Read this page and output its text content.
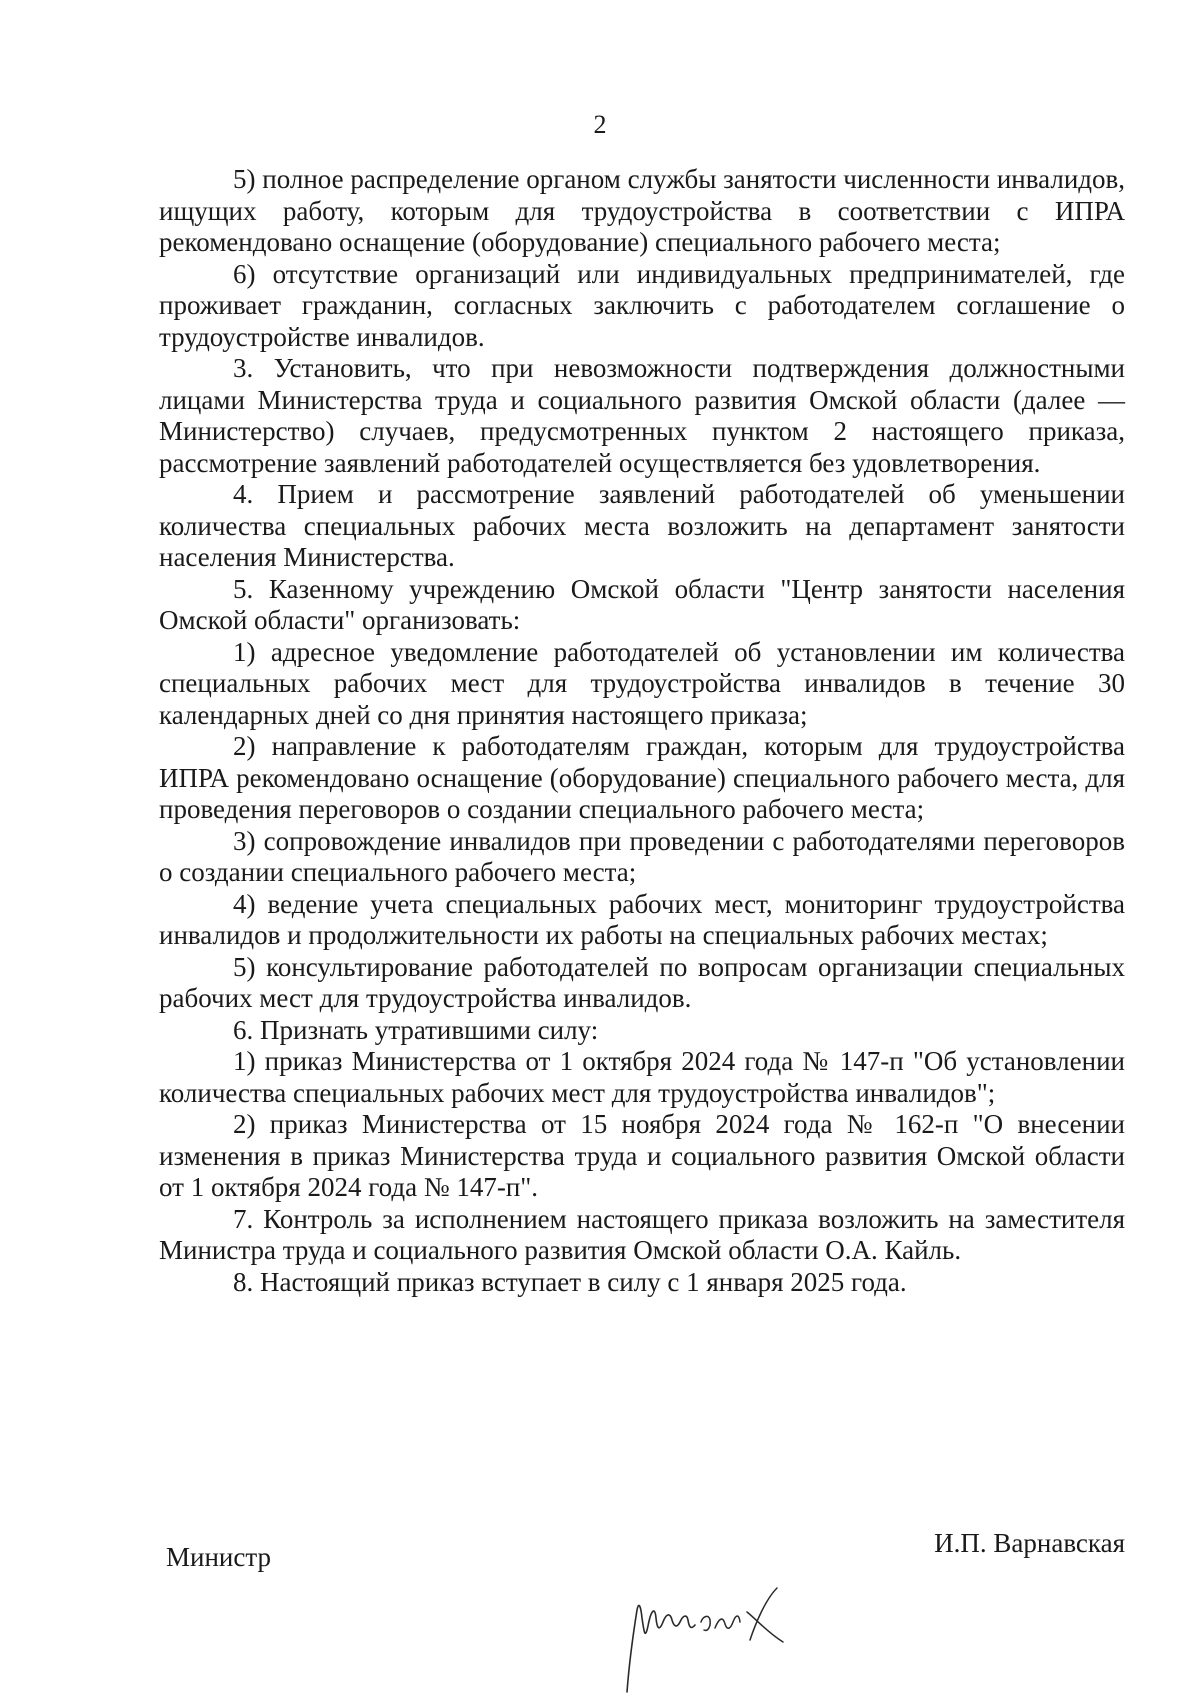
2

5) полное распределение органом службы занятости численности инвалидов, ищущих работу, которым для трудоустройства в соответствии с ИПРА рекомендовано оснащение (оборудование) специального рабочего места;

6) отсутствие организаций или индивидуальных предпринимателей, где проживает гражданин, согласных заключить с работодателем соглашение о трудоустройстве инвалидов.

3. Установить, что при невозможности подтверждения должностными лицами Министерства труда и социального развития Омской области (далее — Министерство) случаев, предусмотренных пунктом 2 настоящего приказа, рассмотрение заявлений работодателей осуществляется без удовлетворения.

4. Прием и рассмотрение заявлений работодателей об уменьшении количества специальных рабочих места возложить на департамент занятости населения Министерства.

5. Казенному учреждению Омской области "Центр занятости населения Омской области" организовать:

1) адресное уведомление работодателей об установлении им количества специальных рабочих мест для трудоустройства инвалидов в течение 30 календарных дней со дня принятия настоящего приказа;

2) направление к работодателям граждан, которым для трудоустройства ИПРА рекомендовано оснащение (оборудование) специального рабочего места, для проведения переговоров о создании специального рабочего места;

3) сопровождение инвалидов при проведении с работодателями переговоров о создании специального рабочего места;

4) ведение учета специальных рабочих мест, мониторинг трудоустройства инвалидов и продолжительности их работы на специальных рабочих местах;

5) консультирование работодателей по вопросам организации специальных рабочих мест для трудоустройства инвалидов.

6. Признать утратившими силу:

1) приказ Министерства от 1 октября 2024 года № 147-п "Об установлении количества специальных рабочих мест для трудоустройства инвалидов";

2) приказ Министерства от 15 ноября 2024 года № 162-п "О внесении изменения в приказ Министерства труда и социального развития Омской области от 1 октября 2024 года № 147-п".

7. Контроль за исполнением настоящего приказа возложить на заместителя Министра труда и социального развития Омской области О.А. Кайль.

8. Настоящий приказ вступает в силу с 1 января 2025 года.

Министр	И.П. Варнавская
